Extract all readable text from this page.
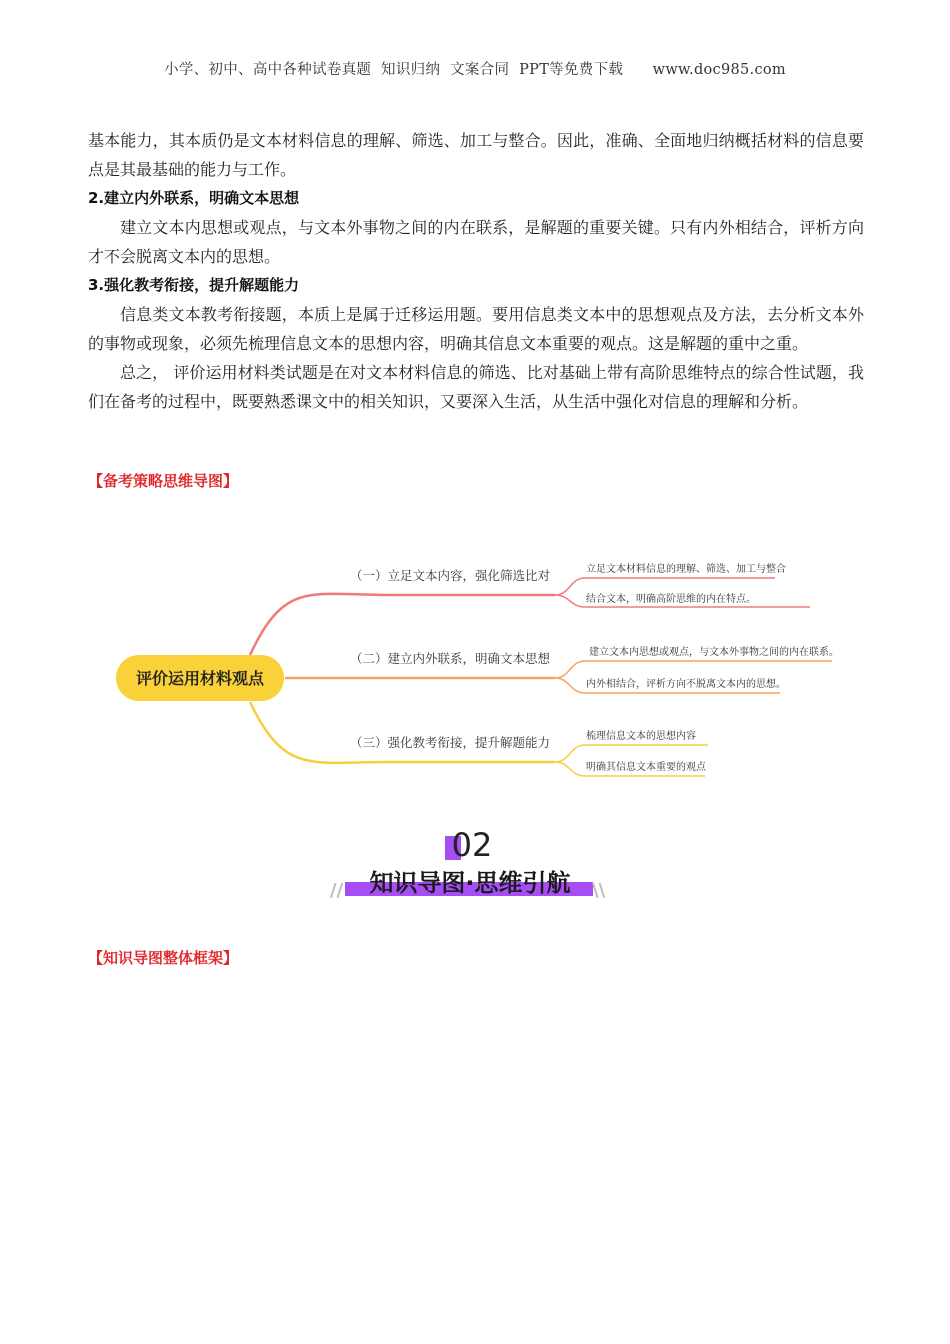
小学、初中、高中各种试卷真题  知识归纳  文案合同  PPT等免费下载      www.doc985.com

基本能力，其本质仍是文本材料信息的理解、筛选、加工与整合。因此，准确、全面地归纳概括材料的信息要点是其最基础的能力与工作。

2.建立内外联系，明确文本思想

建立文本内思想或观点，与文本外事物之间的内在联系，是解题的重要关键。只有内外相结合，评析方向才不会脱离文本内的思想。

3.强化教考衔接，提升解题能力

信息类文本教考衔接题，本质上是属于迁移运用题。要用信息类文本中的思想观点及方法，去分析文本外的事物或现象，必须先梳理信息文本的思想内容，明确其信息文本重要的观点。这是解题的重中之重。

总之， 评价运用材料类试题是在对文本材料信息的筛选、比对基础上带有高阶思维特点的综合性试题，我们在备考的过程中，既要熟悉课文中的相关知识，又要深入生活，从生活中强化对信息的理解和分析。

【备考策略思维导图】
评价运用材料观点
（一）立足文本内容，强化筛选比对
（二）建立内外联系，明确文本思想
（三）强化教考衔接，提升解题能力
立足文本材料信息的理解、筛选、加工与整合
结合文本，明确高阶思维的内在特点。
建立文本内思想或观点，与文本外事物之间的内在联系。
内外相结合，评析方向不脱离文本内的思想。
梳理信息文本的思想内容
明确其信息文本重要的观点
02
//	\\
知识导图·思维引航
【知识导图整体框架】
